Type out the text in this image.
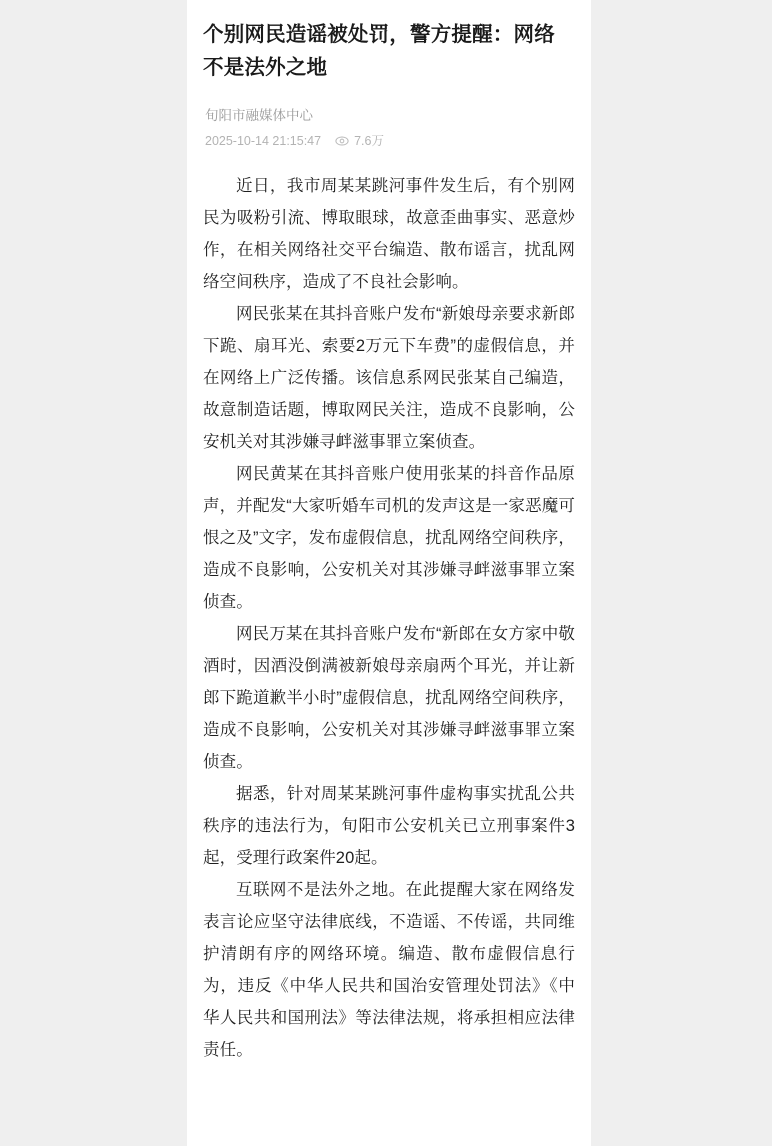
个别网民造谣被处罚，警方提醒：网络不是法外之地
旬阳市融媒体中心
2025-10-14 21:15:47	7.6万

近日，我市周某某跳河事件发生后，有个别网民为吸粉引流、博取眼球，故意歪曲事实、恶意炒作，在相关网络社交平台编造、散布谣言，扰乱网络空间秩序，造成了不良社会影响。

网民张某在其抖音账户发布“新娘母亲要求新郎下跪、扇耳光、索要2万元下车费”的虚假信息，并在网络上广泛传播。该信息系网民张某自己编造，故意制造话题，博取网民关注，造成不良影响，公安机关对其涉嫌寻衅滋事罪立案侦查。

网民黄某在其抖音账户使用张某的抖音作品原声，并配发“大家听婚车司机的发声这是一家恶魔可恨之及”文字，发布虚假信息，扰乱网络空间秩序，造成不良影响，公安机关对其涉嫌寻衅滋事罪立案侦查。

网民万某在其抖音账户发布“新郎在女方家中敬酒时，因酒没倒满被新娘母亲扇两个耳光，并让新郎下跪道歉半小时”虚假信息，扰乱网络空间秩序，造成不良影响，公安机关对其涉嫌寻衅滋事罪立案侦查。

据悉，针对周某某跳河事件虚构事实扰乱公共秩序的违法行为，旬阳市公安机关已立刑事案件3起，受理行政案件20起。

互联网不是法外之地。在此提醒大家在网络发表言论应坚守法律底线，不造谣、不传谣，共同维护清朗有序的网络环境。编造、散布虚假信息行为，违反《中华人民共和国治安管理处罚法》《中华人民共和国刑法》等法律法规，将承担相应法律责任。
